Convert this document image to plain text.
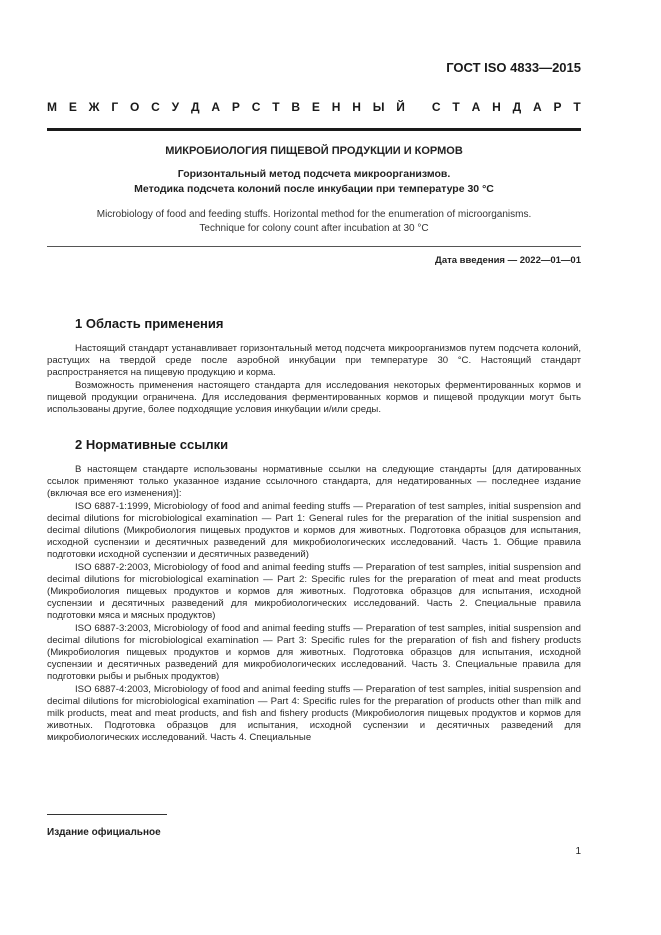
ГОСТ ISO 4833—2015
М Е Ж Г О С У Д А Р С Т В Е Н Н Ы Й
С Т А Н Д А Р Т
МИКРОБИОЛОГИЯ ПИЩЕВОЙ ПРОДУКЦИИ И КОРМОВ
Горизонтальный метод подсчета микроорганизмов.
Методика подсчета колоний после инкубации при температуре 30 °С
Microbiology of food and feeding stuffs. Horizontal method for the enumeration of microorganisms.
Technique for colony count after incubation at 30 °C
Дата введения — 2022—01—01
1 Область применения

Настоящий стандарт устанавливает горизонтальный метод подсчета микроорганизмов путем подсчета колоний, растущих на твердой среде после аэробной инкубации при температуре 30 °С. Настоящий стандарт распространяется на пищевую продукцию и корма.

Возможность применения настоящего стандарта для исследования некоторых ферментированных кормов и пищевой продукции ограничена. Для исследования ферментированных кормов и пищевой продукции могут быть использованы другие, более подходящие условия инкубации и/или среды.

2 Нормативные ссылки

В настоящем стандарте использованы нормативные ссылки на следующие стандарты [для датированных ссылок применяют только указанное издание ссылочного стандарта, для недатированных — последнее издание (включая все его изменения)]:

ISO 6887-1:1999, Microbiology of food and animal feeding stuffs — Preparation of test samples, initial suspension and decimal dilutions for microbiological examination — Part 1: General rules for the preparation of the initial suspension and decimal dilutions (Микробиология пищевых продуктов и кормов для животных. Подготовка образцов для испытания, исходной суспензии и десятичных разведений для микробиологических исследований. Часть 1. Общие правила подготовки исходной суспензии и десятичных разведений)

ISO 6887-2:2003, Microbiology of food and animal feeding stuffs — Preparation of test samples, initial suspension and decimal dilutions for microbiological examination — Part 2: Specific rules for the preparation of meat and meat products (Микробиология пищевых продуктов и кормов для животных. Подготовка образцов для испытания, исходной суспензии и десятичных разведений для микробиологических исследований. Часть 2. Специальные правила подготовки мяса и мясных продуктов)

ISO 6887-3:2003, Microbiology of food and animal feeding stuffs — Preparation of test samples, initial suspension and decimal dilutions for microbiological examination — Part 3: Specific rules for the preparation of fish and fishery products (Микробиология пищевых продуктов и кормов для животных. Подготовка образцов для испытания, исходной суспензии и десятичных разведений для микробиологических исследований. Часть 3. Специальные правила для подготовки рыбы и рыбных продуктов)

ISO 6887-4:2003, Microbiology of food and animal feeding stuffs — Preparation of test samples, initial suspension and decimal dilutions for microbiological examination — Part 4: Specific rules for the preparation of products other than milk and milk products, meat and meat products, and fish and fishery products (Микробиология пищевых продуктов и кормов для животных. Подготовка образцов для испытания, исходной суспензии и десятичных разведений для микробиологических исследований. Часть 4. Специальные

Издание официальное
1
